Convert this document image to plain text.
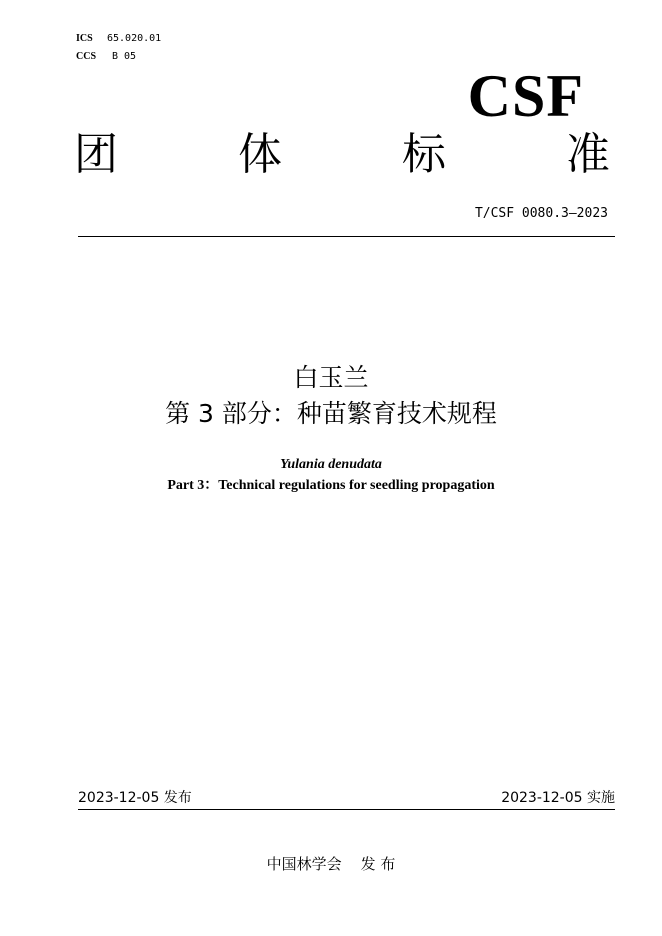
ICS 65.020.01
CCS B 05
CSF
团	体	标	准
T/CSF 0080.3—2023
白玉兰
第 3 部分：种苗繁育技术规程
Yulania denudata
Part 3：Technical regulations for seedling propagation
2023-12-05 发布	2023-12-05 实施
中国林学会    发 布
